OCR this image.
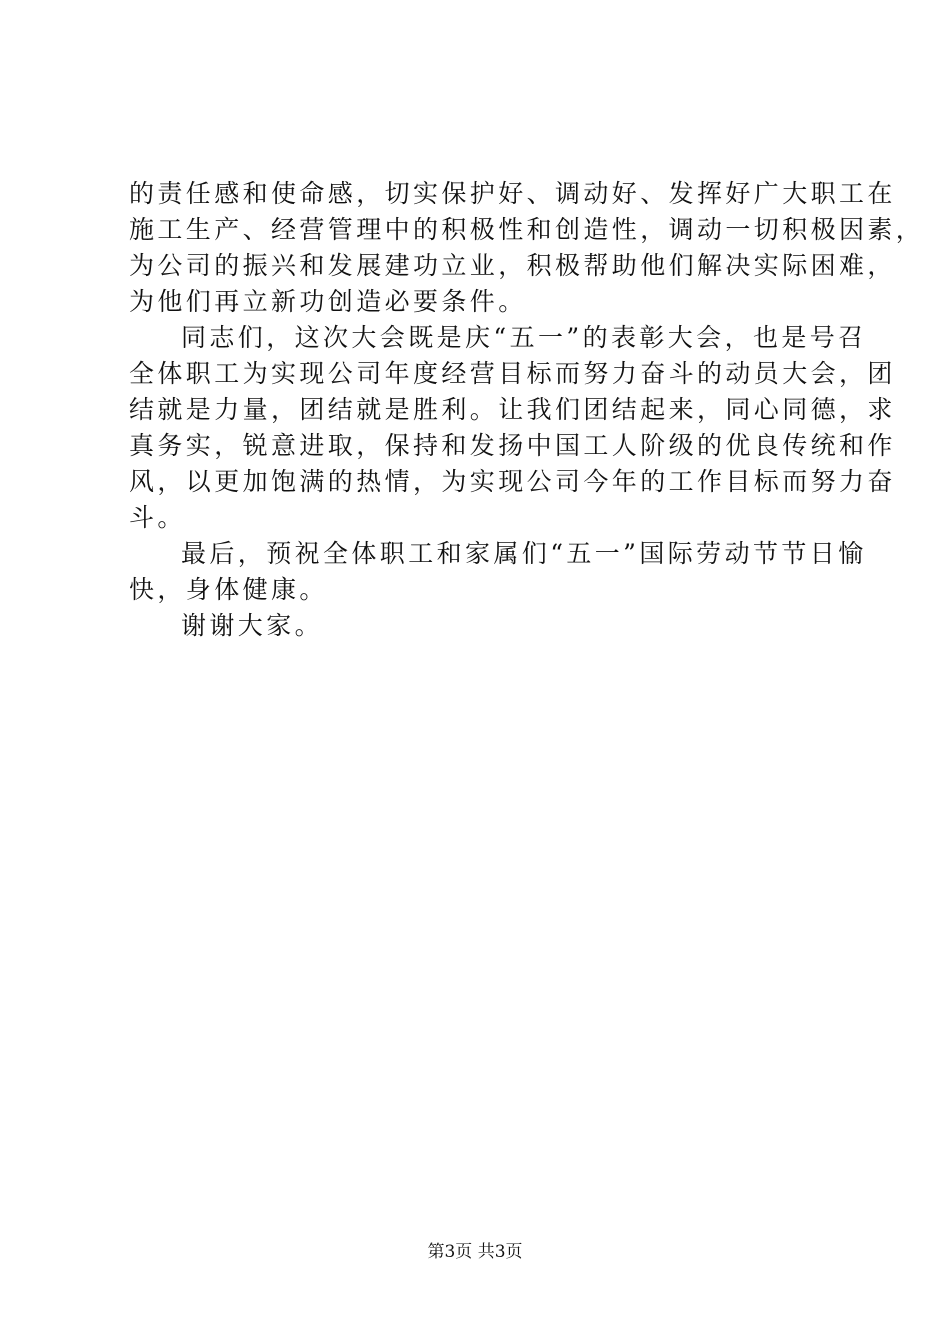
的责任感和使命感，切实保护好、调动好、发挥好广大职工在
施工生产、经营管理中的积极性和创造性，调动一切积极因素，
为公司的振兴和发展建功立业，积极帮助他们解决实际困难，
为他们再立新功创造必要条件。
同志们，这次大会既是庆“五一”的表彰大会，也是号召
全体职工为实现公司年度经营目标而努力奋斗的动员大会，团
结就是力量，团结就是胜利。让我们团结起来，同心同德，求
真务实，锐意进取，保持和发扬中国工人阶级的优良传统和作
风，以更加饱满的热情，为实现公司今年的工作目标而努力奋
斗。
最后，预祝全体职工和家属们“五一”国际劳动节节日愉
快，身体健康。
谢谢大家。
第3页 共3页
